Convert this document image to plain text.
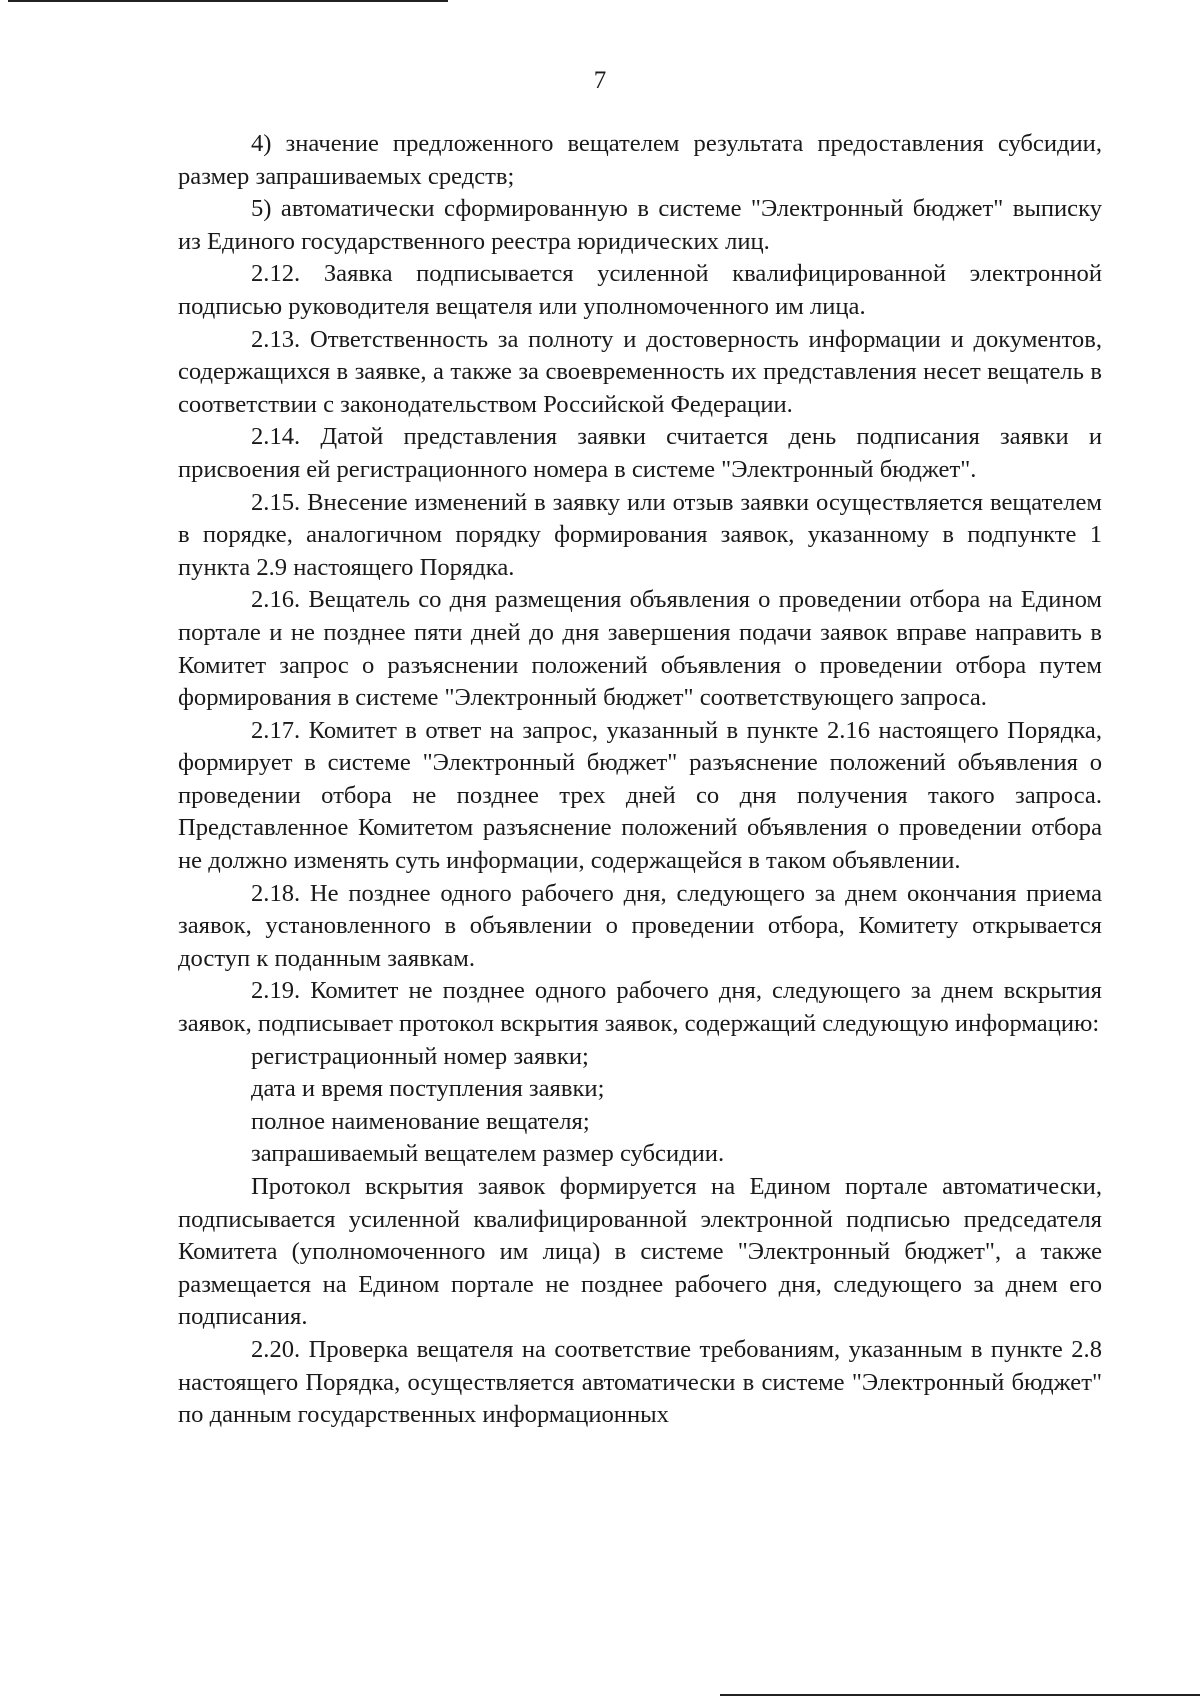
7

4) значение предложенного вещателем результата предоставления субсидии, размер запрашиваемых средств;

5) автоматически сформированную в системе "Электронный бюджет" выписку из Единого государственного реестра юридических лиц.

2.12. Заявка подписывается усиленной квалифицированной электронной подписью руководителя вещателя или уполномоченного им лица.

2.13. Ответственность за полноту и достоверность информации и документов, содержащихся в заявке, а также за своевременность их представления несет вещатель в соответствии с законодательством Российской Федерации.

2.14. Датой представления заявки считается день подписания заявки и присвоения ей регистрационного номера в системе "Электронный бюджет".

2.15. Внесение изменений в заявку или отзыв заявки осуществляется вещателем в порядке, аналогичном порядку формирования заявок, указанному в подпункте 1 пункта 2.9 настоящего Порядка.

2.16. Вещатель со дня размещения объявления о проведении отбора на Едином портале и не позднее пяти дней до дня завершения подачи заявок вправе направить в Комитет запрос о разъяснении положений объявления о проведении отбора путем формирования в системе "Электронный бюджет" соответствующего запроса.

2.17. Комитет в ответ на запрос, указанный в пункте 2.16 настоящего Порядка, формирует в системе "Электронный бюджет" разъяснение положений объявления о проведении отбора не позднее трех дней со дня получения такого запроса. Представленное Комитетом разъяснение положений объявления о проведении отбора не должно изменять суть информации, содержащейся в таком объявлении.

2.18. Не позднее одного рабочего дня, следующего за днем окончания приема заявок, установленного в объявлении о проведении отбора, Комитету открывается доступ к поданным заявкам.

2.19. Комитет не позднее одного рабочего дня, следующего за днем вскрытия заявок, подписывает протокол вскрытия заявок, содержащий следующую информацию:

регистрационный номер заявки;

дата и время поступления заявки;

полное наименование вещателя;

запрашиваемый вещателем размер субсидии.

Протокол вскрытия заявок формируется на Едином портале автоматически, подписывается усиленной квалифицированной электронной подписью председателя Комитета (уполномоченного им лица) в системе "Электронный бюджет", а также размещается на Едином портале не позднее рабочего дня, следующего за днем его подписания.

2.20. Проверка вещателя на соответствие требованиям, указанным в пункте 2.8 настоящего Порядка, осуществляется автоматически в системе "Электронный бюджет" по данным государственных информационных
